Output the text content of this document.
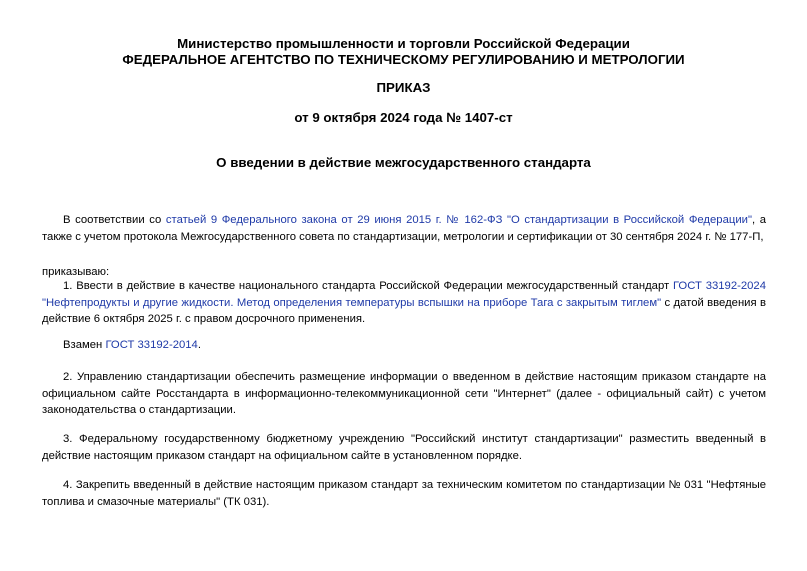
Министерство промышленности и торговли Российской Федерации
ФЕДЕРАЛЬНОЕ АГЕНТСТВО ПО ТЕХНИЧЕСКОМУ РЕГУЛИРОВАНИЮ И МЕТРОЛОГИИ
ПРИКАЗ
от 9 октября 2024 года № 1407-ст
О введении в действие межгосударственного стандарта
В соответствии со статьей 9 Федерального закона от 29 июня 2015 г. № 162-ФЗ "О стандартизации в Российской Федерации", а также с учетом протокола Межгосударственного совета по стандартизации, метрологии и сертификации от 30 сентября 2024 г. № 177-П,
приказываю:
1. Ввести в действие в качестве национального стандарта Российской Федерации межгосударственный стандарт ГОСТ 33192-2024 "Нефтепродукты и другие жидкости. Метод определения температуры вспышки на приборе Тага с закрытым тиглем" с датой введения в действие 6 октября 2025 г. с правом досрочного применения.
Взамен ГОСТ 33192-2014.
2. Управлению стандартизации обеспечить размещение информации о введенном в действие настоящим приказом стандарте на официальном сайте Росстандарта в информационно-телекоммуникационной сети "Интернет" (далее - официальный сайт) с учетом законодательства о стандартизации.
3. Федеральному государственному бюджетному учреждению "Российский институт стандартизации" разместить введенный в действие настоящим приказом стандарт на официальном сайте в установленном порядке.
4. Закрепить введенный в действие настоящим приказом стандарт за техническим комитетом по стандартизации № 031 "Нефтяные топлива и смазочные материалы" (ТК 031).
